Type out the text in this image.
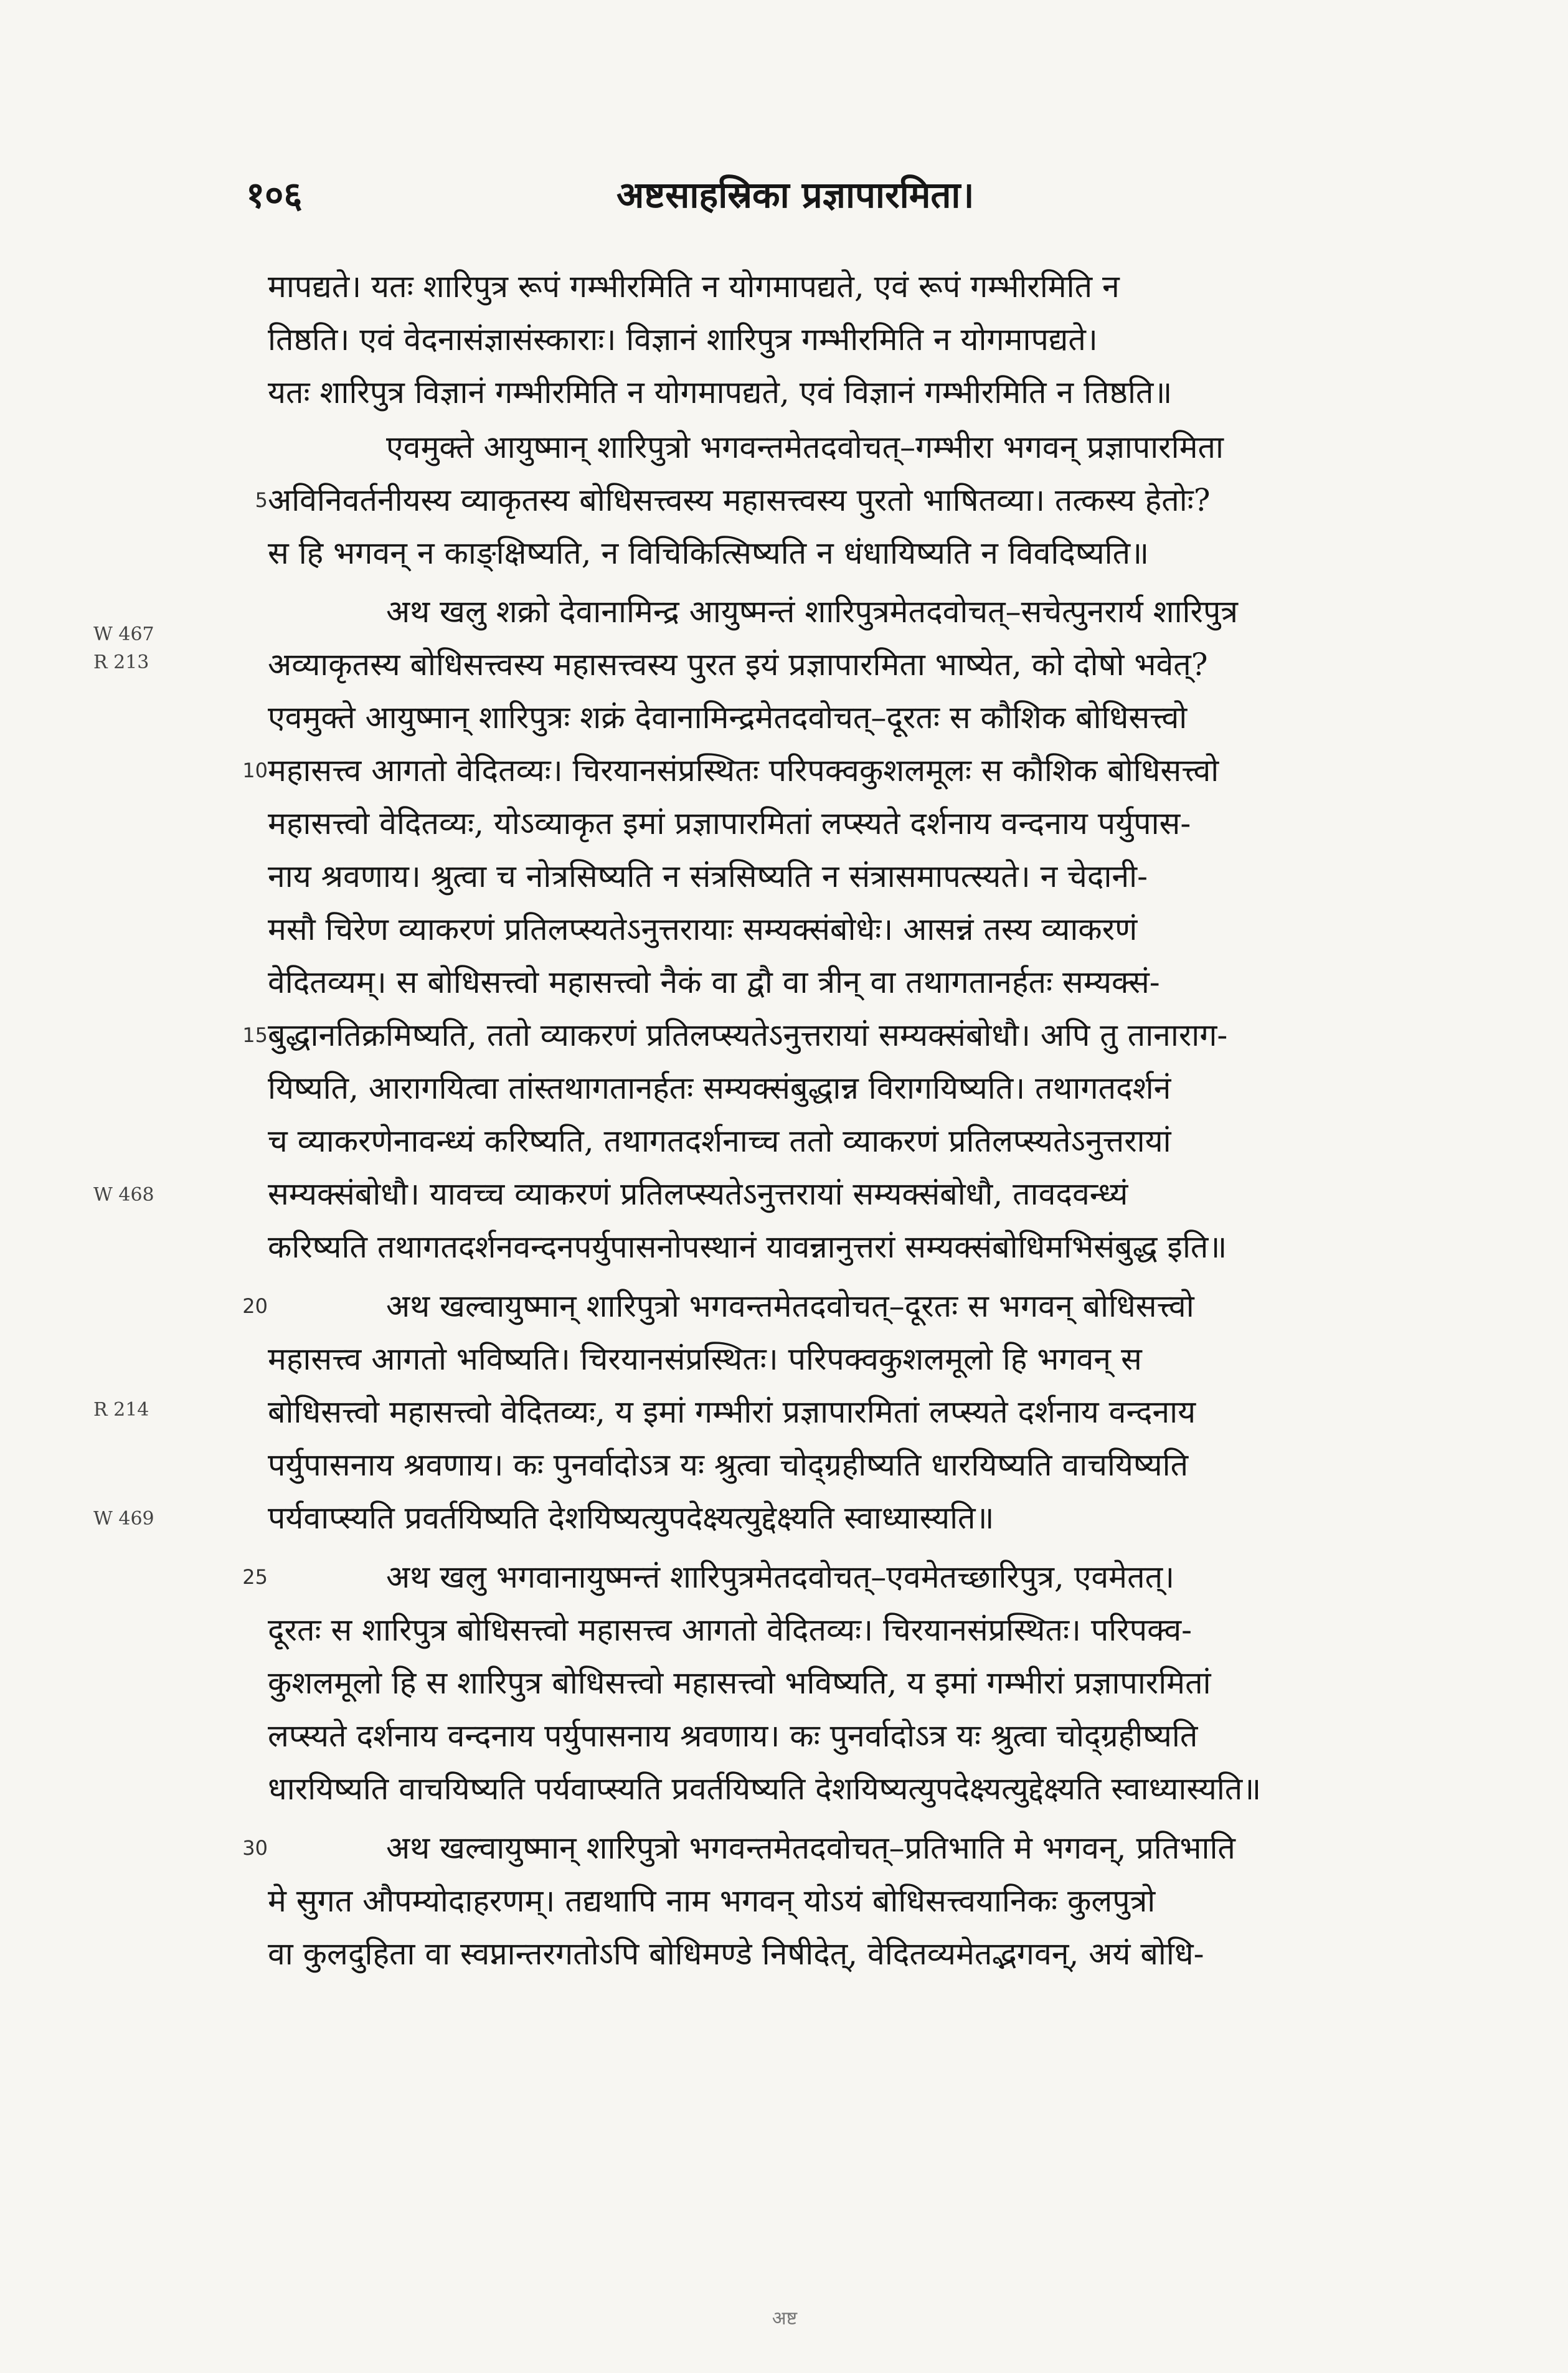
१०६	अष्टसाहस्रिका प्रज्ञापारमिता।
मापद्यते। यतः शारिपुत्र रूपं गम्भीरमिति न योगमापद्यते, एवं रूपं गम्भीरमिति न
तिष्ठति। एवं वेदनासंज्ञासंस्काराः। विज्ञानं शारिपुत्र गम्भीरमिति न योगमापद्यते।
यतः शारिपुत्र विज्ञानं गम्भीरमिति न योगमापद्यते, एवं विज्ञानं गम्भीरमिति न तिष्ठति॥
एवमुक्ते आयुष्मान् शारिपुत्रो भगवन्तमेतदवोचत्–गम्भीरा भगवन् प्रज्ञापारमिता
अविनिवर्तनीयस्य व्याकृतस्य बोधिसत्त्वस्य महासत्त्वस्य पुरतो भाषितव्या। तत्कस्य हेतोः?
स हि भगवन् न काङ्क्षिष्यति, न विचिकित्सिष्यति न धंधायिष्यति न विवदिष्यति॥
अथ खलु शक्रो देवानामिन्द्र आयुष्मन्तं शारिपुत्रमेतदवोचत्–सचेत्पुनरार्य शारिपुत्र
अव्याकृतस्य बोधिसत्त्वस्य महासत्त्वस्य पुरत इयं प्रज्ञापारमिता भाष्येत, को दोषो भवेत्?
एवमुक्ते आयुष्मान् शारिपुत्रः शक्रं देवानामिन्द्रमेतदवोचत्–दूरतः स कौशिक बोधिसत्त्वो
महासत्त्व आगतो वेदितव्यः। चिरयानसंप्रस्थितः परिपक्वकुशलमूलः स कौशिक बोधिसत्त्वो
महासत्त्वो वेदितव्यः, योऽव्याकृत इमां प्रज्ञापारमितां लप्स्यते दर्शनाय वन्दनाय पर्युपास-
नाय श्रवणाय। श्रुत्वा च नोत्रसिष्यति न संत्रसिष्यति न संत्रासमापत्स्यते। न चेदानी-
मसौ चिरेण व्याकरणं प्रतिलप्स्यतेऽनुत्तरायाः सम्यक्संबोधेः। आसन्नं तस्य व्याकरणं
वेदितव्यम्। स बोधिसत्त्वो महासत्त्वो नैकं वा द्वौ वा त्रीन् वा तथागतानर्हतः सम्यक्सं-
बुद्धानतिक्रमिष्यति, ततो व्याकरणं प्रतिलप्स्यतेऽनुत्तरायां सम्यक्संबोधौ। अपि तु तानाराग-
यिष्यति, आरागयित्वा तांस्तथागतानर्हतः सम्यक्संबुद्धान्न विरागयिष्यति। तथागतदर्शनं
च व्याकरणेनावन्ध्यं करिष्यति, तथागतदर्शनाच्च ततो व्याकरणं प्रतिलप्स्यतेऽनुत्तरायां
सम्यक्संबोधौ। यावच्च व्याकरणं प्रतिलप्स्यतेऽनुत्तरायां सम्यक्संबोधौ, तावदवन्ध्यं
करिष्यति तथागतदर्शनवन्दनपर्युपासनोपस्थानं यावन्नानुत्तरां सम्यक्संबोधिमभिसंबुद्ध इति॥
अथ खल्वायुष्मान् शारिपुत्रो भगवन्तमेतदवोचत्–दूरतः स भगवन् बोधिसत्त्वो
महासत्त्व आगतो भविष्यति। चिरयानसंप्रस्थितः। परिपक्वकुशलमूलो हि भगवन् स
बोधिसत्त्वो महासत्त्वो वेदितव्यः, य इमां गम्भीरां प्रज्ञापारमितां लप्स्यते दर्शनाय वन्दनाय
पर्युपासनाय श्रवणाय। कः पुनर्वादोऽत्र यः श्रुत्वा चोद्ग्रहीष्यति धारयिष्यति वाचयिष्यति
पर्यवाप्स्यति प्रवर्तयिष्यति देशयिष्यत्युपदेक्ष्यत्युद्देक्ष्यति स्वाध्यास्यति॥
अथ खलु भगवानायुष्मन्तं शारिपुत्रमेतदवोचत्–एवमेतच्छारिपुत्र, एवमेतत्।
दूरतः स शारिपुत्र बोधिसत्त्वो महासत्त्व आगतो वेदितव्यः। चिरयानसंप्रस्थितः। परिपक्व-
कुशलमूलो हि स शारिपुत्र बोधिसत्त्वो महासत्त्वो भविष्यति, य इमां गम्भीरां प्रज्ञापारमितां
लप्स्यते दर्शनाय वन्दनाय पर्युपासनाय श्रवणाय। कः पुनर्वादोऽत्र यः श्रुत्वा चोद्ग्रहीष्यति
धारयिष्यति वाचयिष्यति पर्यवाप्स्यति प्रवर्तयिष्यति देशयिष्यत्युपदेक्ष्यत्युद्देक्ष्यति स्वाध्यास्यति॥
अथ खल्वायुष्मान् शारिपुत्रो भगवन्तमेतदवोचत्–प्रतिभाति मे भगवन्, प्रतिभाति
मे सुगत औपम्योदाहरणम्। तद्यथापि नाम भगवन् योऽयं बोधिसत्त्वयानिकः कुलपुत्रो
वा कुलदुहिता वा स्वप्नान्तरगतोऽपि बोधिमण्डे निषीदेत्, वेदितव्यमेतद्भगवन्, अयं बोधि-
5
10
15
20
25
30
W 467
R 213
W 468
R 214
W 469
अष्ट
